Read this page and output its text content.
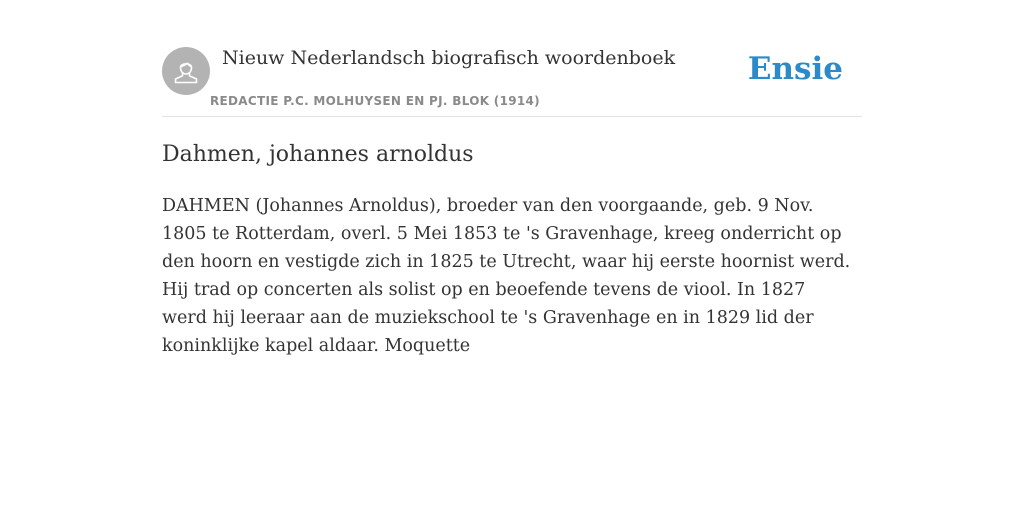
Nieuw Nederlandsch biografisch woordenboek
REDACTIE P.C. MOLHUYSEN EN PJ. BLOK (1914)
Ensie
Dahmen, johannes arnoldus

DAHMEN (Johannes Arnoldus), broeder van den voorgaande, geb. 9 Nov. 1805 te Rotterdam, overl. 5 Mei 1853 te 's Gravenhage, kreeg onderricht op den hoorn en vestigde zich in 1825 te Utrecht, waar hij eerste hoornist werd. Hij trad op concerten als solist op en beoefende tevens de viool. In 1827 werd hij leeraar aan de muziekschool te 's Gravenhage en in 1829 lid der koninklijke kapel aldaar. Moquette
